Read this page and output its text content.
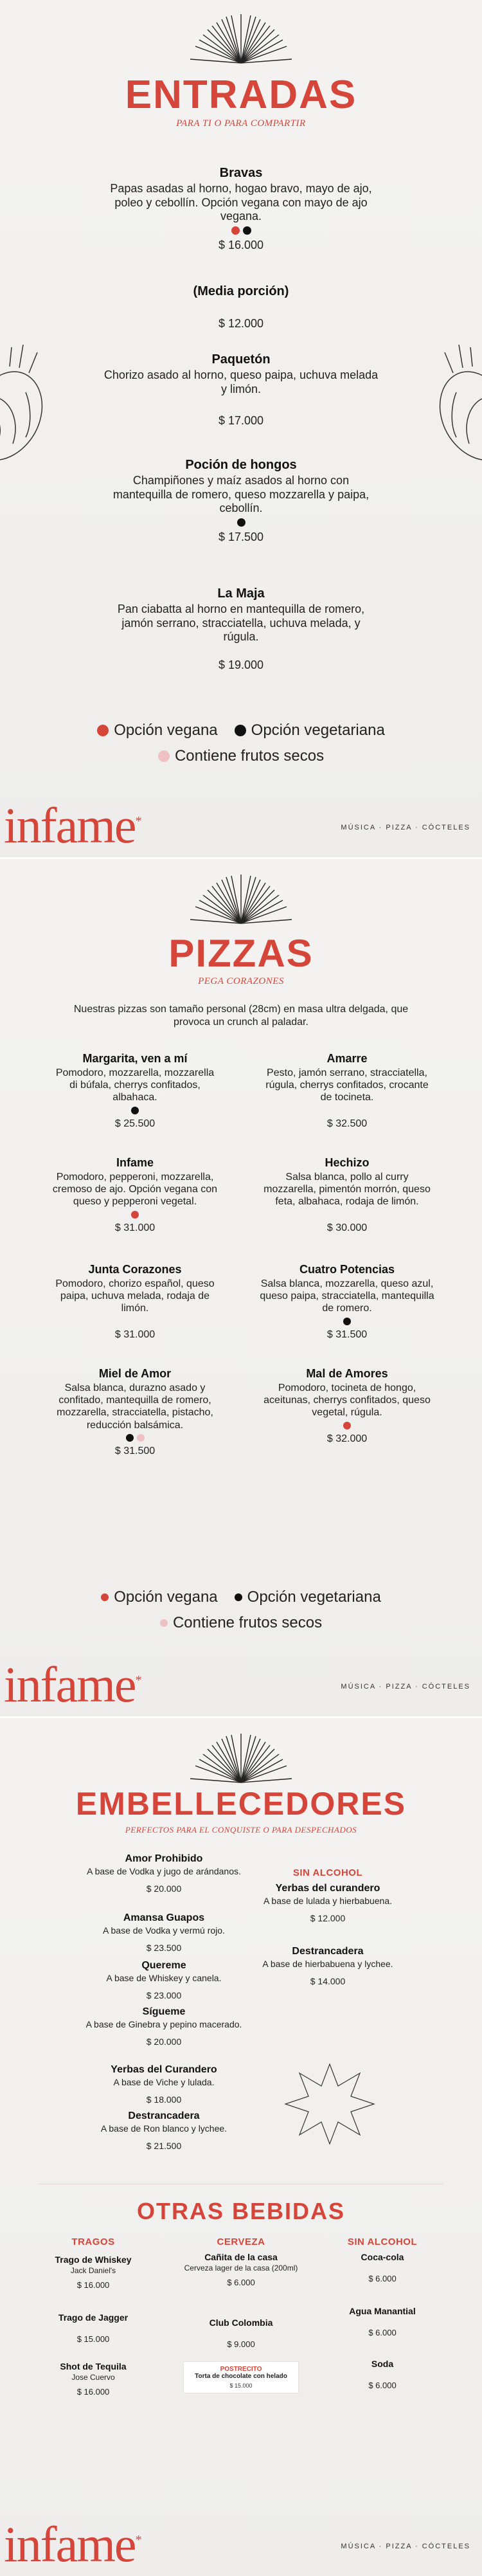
ENTRADAS
PARA TI O PARA COMPARTIR
Bravas
Papas asadas al horno, hogao bravo, mayo de ajo, poleo y cebollín. Opción vegana con mayo de ajo vegana.
$ 16.000
(Media porción)
$ 12.000
Paquetón
Chorizo asado al horno, queso paipa, uchuva melada y limón.
$ 17.000
Poción de hongos
Champiñones y maíz asados al horno con mantequilla de romero, queso mozzarella y paipa, cebollín.
$ 17.500
La Maja
Pan ciabatta al horno en mantequilla de romero, jamón serrano, stracciatella, uchuva melada, y rúgula.
$ 19.000
Opción vegana Opción vegetariana
Contiene frutos secos
infame*	MÚSICA · PIZZA · CÓCTELES
PIZZAS
PEGA CORAZONES
Nuestras pizzas son tamaño personal (28cm) en masa ultra delgada, que provoca un crunch al paladar.
Margarita, ven a mí
Pomodoro, mozzarella, mozzarella di búfala, cherrys confitados, albahaca.
$ 25.500
Amarre
Pesto, jamón serrano, stracciatella, rúgula, cherrys confitados, crocante de tocineta.
$ 32.500
Infame
Pomodoro, pepperoni, mozzarella, cremoso de ajo. Opción vegana con queso y pepperoni vegetal.
$ 31.000
Hechizo
Salsa blanca, pollo al curry mozzarella, pimentón morrón, queso feta, albahaca, rodaja de limón.
$ 30.000
Junta Corazones
Pomodoro, chorizo español, queso paipa, uchuva melada, rodaja de limón.
$ 31.000
Cuatro Potencias
Salsa blanca, mozzarella, queso azul, queso paipa, stracciatella, mantequilla de romero.
$ 31.500
Miel de Amor
Salsa blanca, durazno asado y confitado, mantequilla de romero, mozzarella, stracciatella, pistacho, reducción balsámica.
$ 31.500
Mal de Amores
Pomodoro, tocineta de hongo, aceitunas, cherrys confitados, queso vegetal, rúgula.
$ 32.000
Opción vegana Opción vegetariana
Contiene frutos secos
infame*	MÚSICA · PIZZA · CÓCTELES
EMBELLECEDORES
PERFECTOS PARA EL CONQUISTE O PARA DESPECHADOS
Amor Prohibido
A base de Vodka y jugo de arándanos.
$ 20.000
Amansa Guapos
A base de Vodka y vermú rojo.
$ 23.500
Quereme
A base de Whiskey y canela.
$ 23.000
Sígueme
A base de Ginebra y pepino macerado.
$ 20.000
Yerbas del Curandero
A base de Viche y lulada.
$ 18.000
Destrancadera
A base de Ron blanco y lychee.
$ 21.500
SIN ALCOHOL
Yerbas del curandero
A base de lulada y hierbabuena.
$ 12.000
Destrancadera
A base de hierbabuena y lychee.
$ 14.000
OTRAS BEBIDAS
TRAGOS
Trago de Whiskey
Jack Daniel's
$ 16.000
Trago de Jagger
$ 15.000
Shot de Tequila
Jose Cuervo
$ 16.000
CERVEZA
Cañita de la casa
Cerveza lager de la casa (200ml)
$ 6.000
Club Colombia
$ 9.000
POSTRECITO
Torta de chocolate con helado
$ 15.000
SIN ALCOHOL
Coca-cola
$ 6.000
Agua Manantial
$ 6.000
Soda
$ 6.000
infame*	MÚSICA · PIZZA · CÓCTELES
